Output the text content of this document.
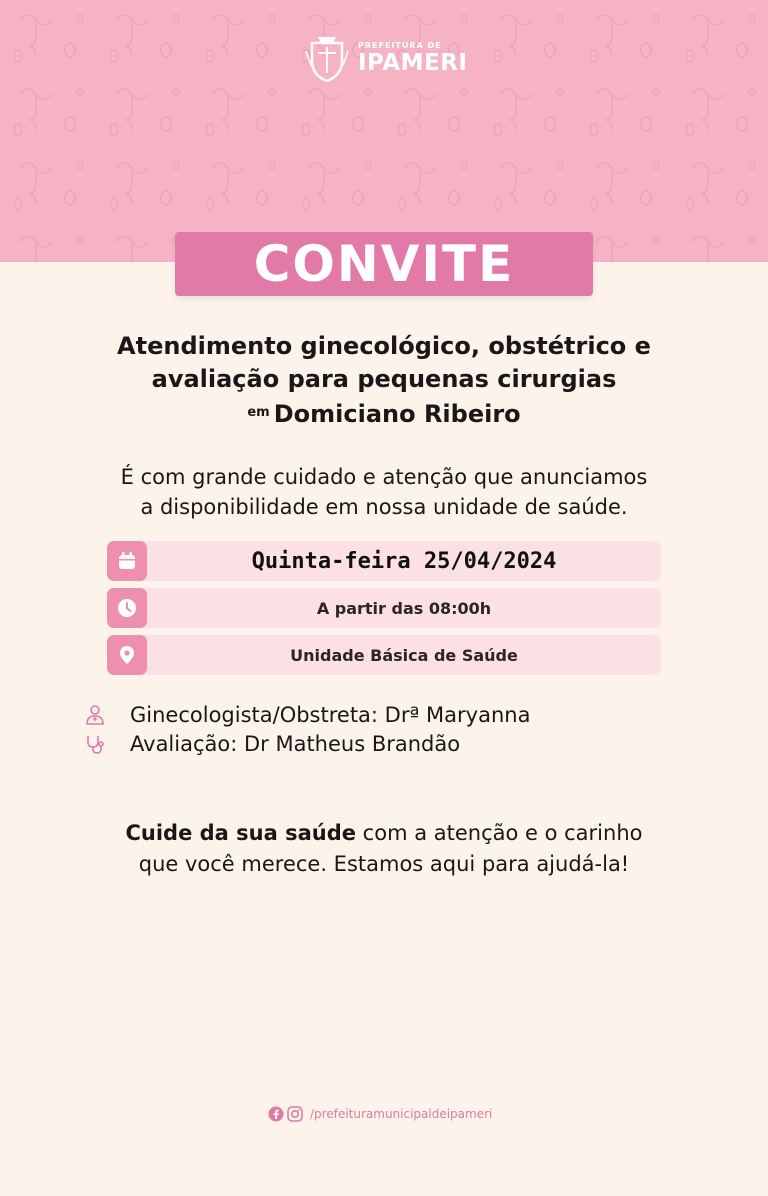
PREFEITURA DE
IPAMERI
CONVITE
Atendimento ginecológico, obstétrico e
avaliação para pequenas cirurgias
$^{em}$ Domiciano Ribeiro
É com grande cuidado e atenção que anunciamos
a disponibilidade em nossa unidade de saúde.
Quinta-feira 25/04/2024
A partir das 08:00h
Unidade Básica de Saúde
Ginecologista/Obstreta: Drª Maryanna
Avaliação: Dr Matheus Brandão
Cuide da sua saúde com a atenção e o carinho
que você merece. Estamos aqui para ajudá-la!
/prefeituramunicipaldeipameri
